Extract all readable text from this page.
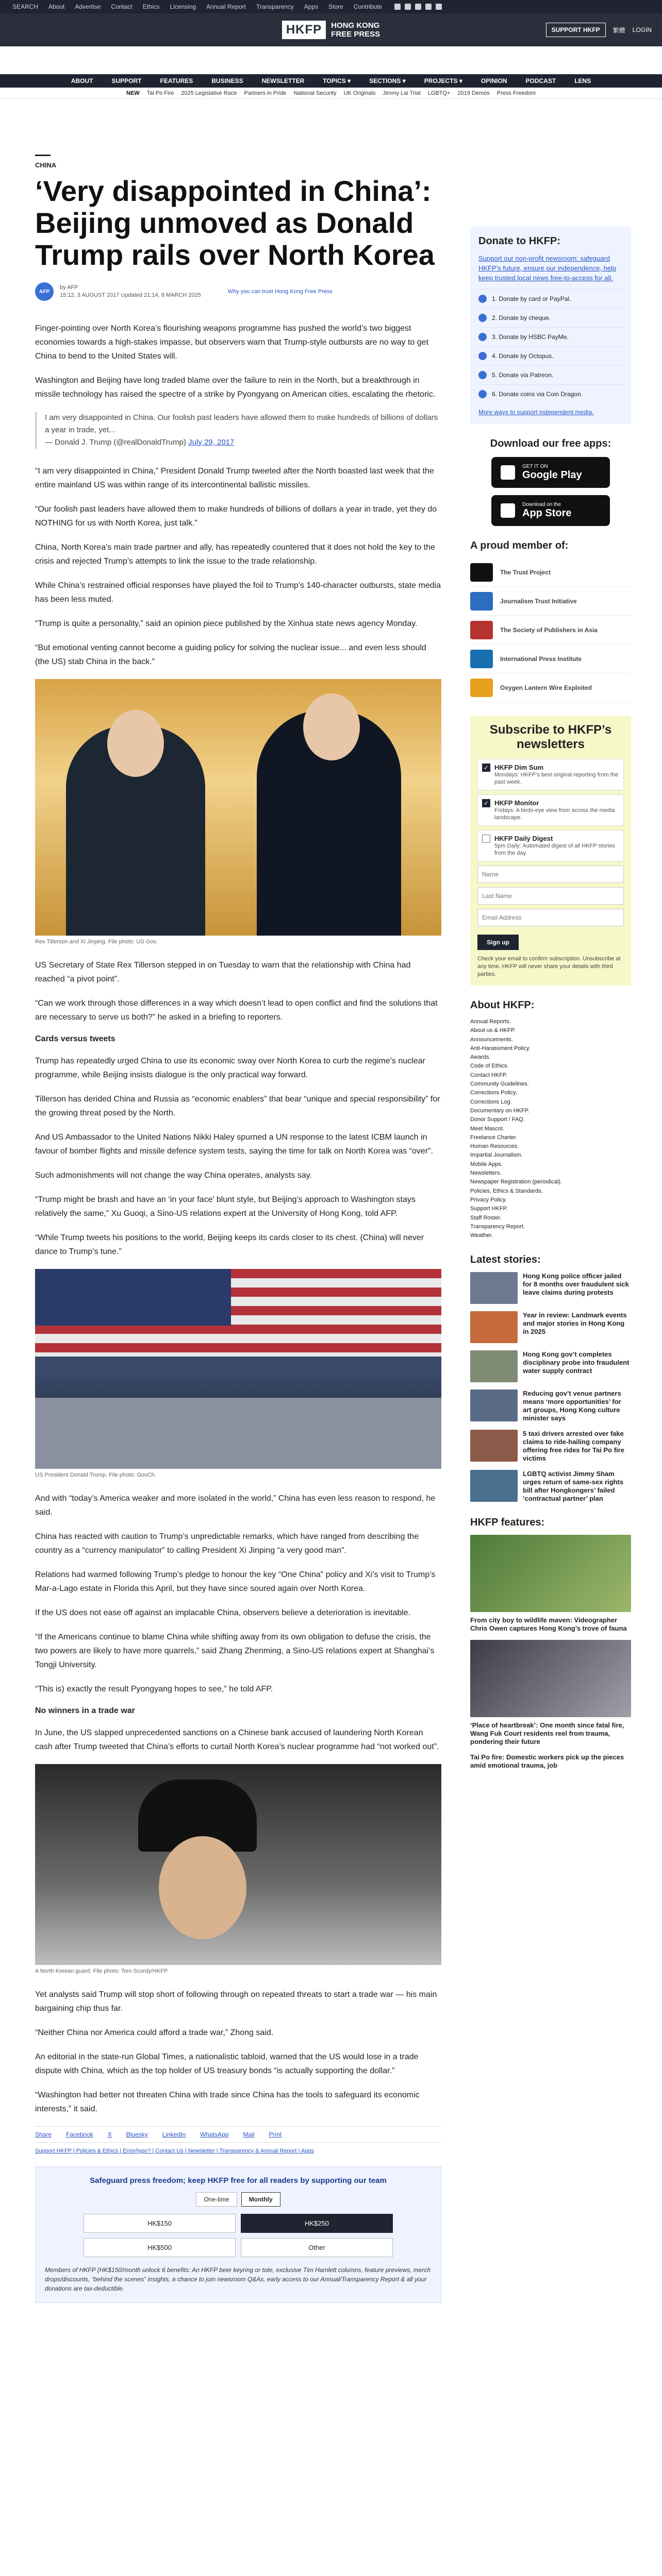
SEARCH About Advertise Contact Ethics Licensing Annual Report Transparency Apps Store Contribute
HKFP	HONG KONG
FREE PRESS	SUPPORT HKFP	繁體 LOGIN
ABOUT	SUPPORT	FEATURES	BUSINESS	NEWSLETTER	TOPICS ▾	SECTIONS ▾	PROJECTS ▾	OPINION	PODCAST	LENS
NEW Tai Po Fire 2025 Legislative Race Partners in Pride National Security UK Originals Jimmy Lai Trial LGBTQ+ 2019 Demos Press Freedom
CHINA
‘Very disappointed in China’: Beijing unmoved as Donald Trump rails over North Korea
AFP
by AFP
15:12, 3 AUGUST 2017 Updated 21:14, 8 MARCH 2025
Why you can trust Hong Kong Free Press

Finger-pointing over North Korea’s flourishing weapons programme has pushed the world’s two biggest economies towards a high-stakes impasse, but observers warn that Trump-style outbursts are no way to get China to bend to the United States will.

Washington and Beijing have long traded blame over the failure to rein in the North, but a breakthrough in missile technology has raised the spectre of a strike by Pyongyang on American cities, escalating the rhetoric.

I am very disappointed in China. Our foolish past leaders have allowed them to make hundreds of billions of dollars a year in trade, yet...
— Donald J. Trump (@realDonaldTrump) July 29, 2017

“I am very disappointed in China,” President Donald Trump tweeted after the North boasted last week that the entire mainland US was within range of its intercontinental ballistic missiles.

“Our foolish past leaders have allowed them to make hundreds of billions of dollars a year in trade, yet they do NOTHING for us with North Korea, just talk.”

China, North Korea’s main trade partner and ally, has repeatedly countered that it does not hold the key to the crisis and rejected Trump’s attempts to link the issue to the trade relationship.

While China’s restrained official responses have played the foil to Trump’s 140-character outbursts, state media has been less muted.

“Trump is quite a personality,” said an opinion piece published by the Xinhua state news agency Monday.

“But emotional venting cannot become a guiding policy for solving the nuclear issue... and even less should (the US) stab China in the back.”

Rex Tillerson and Xi Jinping. File photo: US Gov.

US Secretary of State Rex Tillerson stepped in on Tuesday to warn that the relationship with China had reached “a pivot point”.

“Can we work through those differences in a way which doesn’t lead to open conflict and find the solutions that are necessary to serve us both?” he asked in a briefing to reporters.

Cards versus tweets

Trump has repeatedly urged China to use its economic sway over North Korea to curb the regime’s nuclear programme, while Beijing insists dialogue is the only practical way forward.

Tillerson has derided China and Russia as “economic enablers” that bear “unique and special responsibility” for the growing threat posed by the North.

And US Ambassador to the United Nations Nikki Haley spurned a UN response to the latest ICBM launch in favour of bomber flights and missile defence system tests, saying the time for talk on North Korea was “over”.

Such admonishments will not change the way China operates, analysts say.

“Trump might be brash and have an ‘in your face’ blunt style, but Beijing’s approach to Washington stays relatively the same,” Xu Guoqi, a Sino-US relations expert at the University of Hong Kong, told AFP.

“While Trump tweets his positions to the world, Beijing keeps its cards closer to its chest. (China) will never dance to Trump’s tune.”

US President Donald Trump. File photo: GovCh.

And with “today’s America weaker and more isolated in the world,” China has even less reason to respond, he said.

China has reacted with caution to Trump’s unpredictable remarks, which have ranged from describing the country as a “currency manipulator” to calling President Xi Jinping “a very good man”.

Relations had warmed following Trump’s pledge to honour the key “One China” policy and Xi’s visit to Trump’s Mar-a-Lago estate in Florida this April, but they have since soured again over North Korea.

If the US does not ease off against an implacable China, observers believe a deterioration is inevitable.

“If the Americans continue to blame China while shifting away from its own obligation to defuse the crisis, the two powers are likely to have more quarrels,” said Zhang Zhenming, a Sino-US relations expert at Shanghai’s Tongji University.

“This is) exactly the result Pyongyang hopes to see,” he told AFP.

No winners in a trade war

In June, the US slapped unprecedented sanctions on a Chinese bank accused of laundering North Korean cash after Trump tweeted that China’s efforts to curtail North Korea’s nuclear programme had “not worked out”.

A North Korean guard. File photo: Tom Scordy/HKFP.

Yet analysts said Trump will stop short of following through on repeated threats to start a trade war — his main bargaining chip thus far.

“Neither China nor America could afford a trade war,” Zhong said.

An editorial in the state-run Global Times, a nationalistic tabloid, warned that the US would lose in a trade dispute with China, which as the top holder of US treasury bonds “is actually supporting the dollar.”

“Washington had better not threaten China with trade since China has the tools to safeguard its economic interests,” it said.

Share Facebook X Bluesky LinkedIn WhatsApp Mail Print
Support HKFP | Policies & Ethics | Error/typo? | Contact Us | Newsletter | Transparency & Annual Report | Apps
Safeguard press freedom; keep HKFP free for all readers by supporting our team
One-time	Monthly
HK$150	HK$250
HK$500	Other
Members of HKFP (HK$150/month unlock 6 benefits: An HKFP beer keyring or tote, exclusive Tim Hamlett columns, feature previews, merch drops/discounts, “behind the scenes” insights, a chance to join newsroom Q&As, early access to our Annual/Transparency Report & all your donations are tax-deductible.
Donate to HKFP:
Support our non-profit newsroom: safeguard HKFP’s future, ensure our independence, help keep trusted local news free-to-access for all.
1. Donate by card or PayPal.
2. Donate by cheque.
3. Donate by HSBC PayMe.
4. Donate by Octopus.
5. Donate via Patreon.
6. Donate coins via Coin Dragon.
More ways to support independent media.
Download our free apps:
GET IT ON
Google Play
Download on the
App Store
A proud member of:
The Trust Project
Journalism Trust Initiative
The Society of Publishers in Asia
International Press Institute
Oxygen Lantern Wire Exploited
Subscribe to HKFP’s newsletters
✓ HKFP Dim Sum
Mondays: HKFP’s best original reporting from the past week.
✓ HKFP Monitor
Fridays: A birds-eye view from across the media landscape.
HKFP Daily Digest
5pm Daily: Automated digest of all HKFP stories from the day.
Name Last Name Email Address
Sign up
Check your email to confirm subscription. Unsubscribe at any time. HKFP will never share your details with third parties.
About HKFP:
Annual Reports.
About us & HKFP.
Announcements.
Anti-Harassment Policy.
Awards.
Code of Ethics.
Contact HKFP.
Community Guidelines.
Corrections Policy.
Corrections Log.
Documentary on HKFP.
Donor Support / FAQ.
Meet Mascot.
Freelance Charter.
Human Resources.
Impartial Journalism.
Mobile Apps.
Newsletters.
Newspaper Registration (periodical).
Policies, Ethics & Standards.
Privacy Policy.
Support HKFP.
Staff Roster.
Transparency Report.
Weather.
Latest stories:
Hong Kong police officer jailed for 8 months over fraudulent sick leave claims during protests
Year in review: Landmark events and major stories in Hong Kong in 2025
Hong Kong gov’t completes disciplinary probe into fraudulent water supply contract
Reducing gov’t venue partners means ‘more opportunities’ for art groups, Hong Kong culture minister says
5 taxi drivers arrested over fake claims to ride-hailing company offering free rides for Tai Po fire victims
LGBTQ activist Jimmy Sham urges return of same-sex rights bill after Hongkongers’ failed ‘contractual partner’ plan
HKFP features:
From city boy to wildlife maven: Videographer Chris Owen captures Hong Kong’s trove of fauna
‘Place of heartbreak’: One month since fatal fire, Wang Fuk Court residents reel from trauma, pondering their future
Tai Po fire: Domestic workers pick up the pieces amid emotional trauma, job
